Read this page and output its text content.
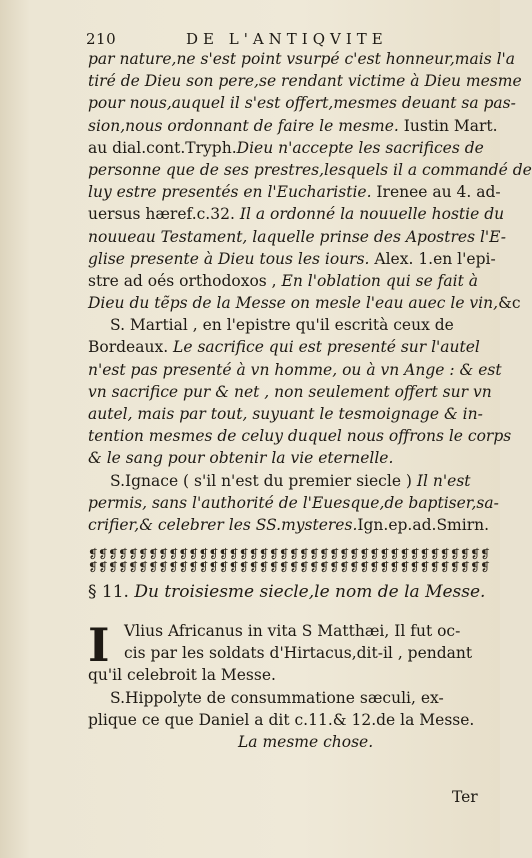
210	DE L'ANTIQVITE
par nature,ne s'est point vsurpé c'est honneur,mais l'a
tiré de Dieu son pere,se rendant victime à Dieu mesme
pour nous,auquel il s'est offert,mesmes deuant sa pas-
sion,nous ordonnant de faire le mesme. Iustin Mart.
au dial.cont.Tryph.Dieu n'accepte les sacrifices de
personne que de ses prestres,lesquels il a commandé de
luy estre presentés en l'Eucharistie. Irenee au 4. ad-
uersus hæref.c.32. Il a ordonné la nouuelle hostie du
nouueau Testament, laquelle prinse des Apostres l'E-
glise presente à Dieu tous les iours. Alex. 1.en l'epi-
stre ad oés orthodoxos , En l'oblation qui se fait à
Dieu du tẽps de la Messe on mesle l'eau auec le vin,&c
S. Martial , en l'epistre qu'il escrità ceux de
Bordeaux. Le sacrifice qui est presenté sur l'autel
n'est pas presenté à vn homme, ou à vn Ange : & est
vn sacrifice pur & net , non seulement offert sur vn
autel, mais par tout, suyuant le tesmoignage & in-
tention mesmes de celuy duquel nous offrons le corps
& le sang pour obtenir la vie eternelle.
S.Ignace ( s'il n'est du premier siecle ) Il n'est
permis, sans l'authorité de l'Euesque,de baptiser,sa-
crifier,& celebrer les SS.mysteres.Ign.ep.ad.Smirn.
❡❡❡❡❡❡❡❡❡❡❡❡❡❡❡❡❡❡❡❡❡❡❡❡❡❡❡❡❡❡❡❡❡❡❡❡❡❡❡❡
❡❡❡❡❡❡❡❡❡❡❡❡❡❡❡❡❡❡❡❡❡❡❡❡❡❡❡❡❡❡❡❡❡❡❡❡❡❡❡❡
§ 11. Du troisiesme siecle,le nom de la Messe.
I Vlius Africanus in vita S Matthæi, Il fut oc-
cis par les soldats d'Hirtacus,dit-il , pendant
qu'il celebroit la Messe.
S.Hippolyte de consummatione sæculi, ex-
plique ce que Daniel a dit c.11.& 12.de la Messe.
La mesme chose.
Ter
